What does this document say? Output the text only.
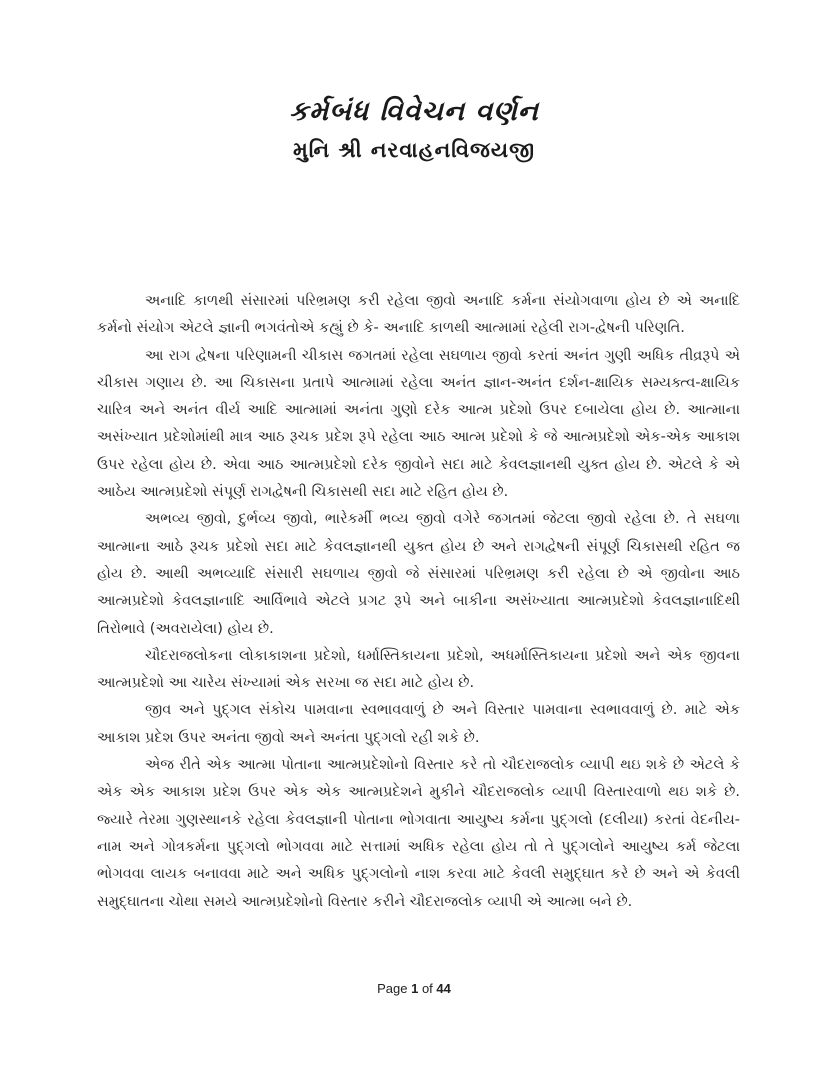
કર્મબંધ વિવેચન વર્ણન
મુનિ શ્રી નરવાહનવિજયજી

અનાદિ કાળથી સંસારમાં પરિભ્રમણ કરી રહેલા જીવો અનાદિ કર્મના સંયોગવાળા હોય છે એ અનાદિ કર્મનો સંયોગ એટલે જ્ઞાની ભગવંતોએ કહ્યું છે કે- અનાદિ કાળથી આત્મામાં રહેલી રાગ-દ્વેષની પરિણતિ.

આ રાગ દ્વેષના પરિણામની ચીકાસ જગતમાં રહેલા સઘળાય જીવો કરતાં અનંત ગુણી અધિક તીવ્રરૂપે એ ચીકાસ ગણાય છે. આ ચિકાસના પ્રતાપે આત્મામાં રહેલા અનંત જ્ઞાન-અનંત દર્શન-ક્ષાયિક સમ્યક્ત્વ-ક્ષાયિક ચારિત્ર અને અનંત વીર્ય આદિ આત્મામાં અનંતા ગુણો દરેક આત્મ પ્રદેશો ઉપર દબાયેલા હોય છે. આત્માના અસંખ્યાત પ્રદેશોમાંથી માત્ર આઠ રૂચક પ્રદેશ રૂપે રહેલા આઠ આત્મ પ્રદેશો કે જે આત્મપ્રદેશો એક-એક આકાશ ઉપર રહેલા હોય છે. એવા આઠ આત્મપ્રદેશો દરેક જીવોને સદા માટે કેવલજ્ઞાનથી યુક્ત હોય છે. એટલે કે એ આઠેય આત્મપ્રદેશો સંપૂર્ણ રાગદ્વેષની ચિકાસથી સદા માટે રહિત હોય છે.

અભવ્ય જીવો, દુર્ભવ્ય જીવો, ભારેકર્મી ભવ્ય જીવો વગેરે જગતમાં જેટલા જીવો રહેલા છે. તે સઘળા આત્માના આઠે રૂચક પ્રદેશો સદા માટે કેવલજ્ઞાનથી યુક્ત હોય છે અને રાગદ્વેષની સંપૂર્ણ ચિકાસથી રહિત જ હોય છે. આથી અભવ્યાદિ સંસારી સઘળાય જીવો જે સંસારમાં પરિભ્રમણ કરી રહેલા છે એ જીવોના આઠ આત્મપ્રદેશો કેવલજ્ઞાનાદિ આર્વિભાવે એટલે પ્રગટ રૂપે અને બાકીના અસંખ્યાતા આત્મપ્રદેશો કેવલજ્ઞાનાદિથી તિરોભાવે (અવરાયેલા) હોય છે.

ચૌદરાજલોકના લોકાકાશના પ્રદેશો, ધર્માસ્તિકાયના પ્રદેશો, અધર્માસ્તિકાયના પ્રદેશો અને એક જીવના આત્મપ્રદેશો આ ચારેય સંખ્યામાં એક સરખા જ સદા માટે હોય છે.

જીવ અને પુદ્ગલ સંકોચ પામવાના સ્વભાવવાળું છે અને વિસ્તાર પામવાના સ્વભાવવાળું છે. માટે એક આકાશ પ્રદેશ ઉપર અનંતા જીવો અને અનંતા પુદ્ગલો રહી શકે છે.

એજ રીતે એક આત્મા પોતાના આત્મપ્રદેશોનો વિસ્તાર કરે તો ચૌદરાજલોક વ્યાપી થઇ શકે છે એટલે કે એક એક આકાશ પ્રદેશ ઉપર એક એક આત્મપ્રદેશને મુકીને ચૌદરાજલોક વ્યાપી વિસ્તારવાળો થઇ શકે છે. જ્યારે તેરમા ગુણસ્થાનકે રહેલા કેવલજ્ઞાની પોતાના ભોગવાતા આયુષ્ય કર્મના પુદ્ગલો (દલીયા) કરતાં વેદનીય-નામ અને ગોત્રકર્મના પુદ્ગલો ભોગવવા માટે સત્તામાં અધિક રહેલા હોય તો તે પુદ્ગલોને આયુષ્ય કર્મ જેટલા ભોગવવા લાયક બનાવવા માટે અને અધિક પુદ્ગલોનો નાશ કરવા માટે કેવલી સમુદ્ઘાત કરે છે અને એ કેવલી સમુદ્ઘાતના ચોથા સમયે આત્મપ્રદેશોનો વિસ્તાર કરીને ચૌદરાજલોક વ્યાપી એ આત્મા બને છે.

Page 1 of 44
